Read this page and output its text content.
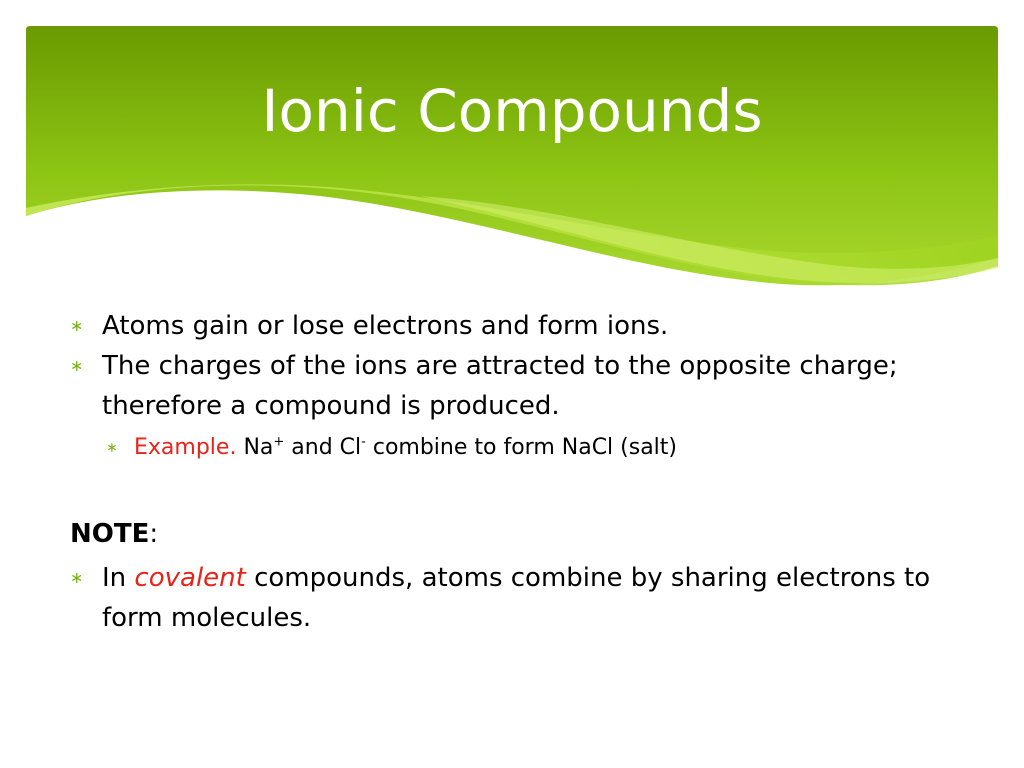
Ionic Compounds
∗ Atoms gain or lose electrons and form ions.
∗ The charges of the ions are attracted to the opposite charge; therefore a compound is produced.
∗ Example. Na+ and Cl- combine to form NaCl (salt)
NOTE:
∗ In covalent compounds, atoms combine by sharing electrons to form molecules.
